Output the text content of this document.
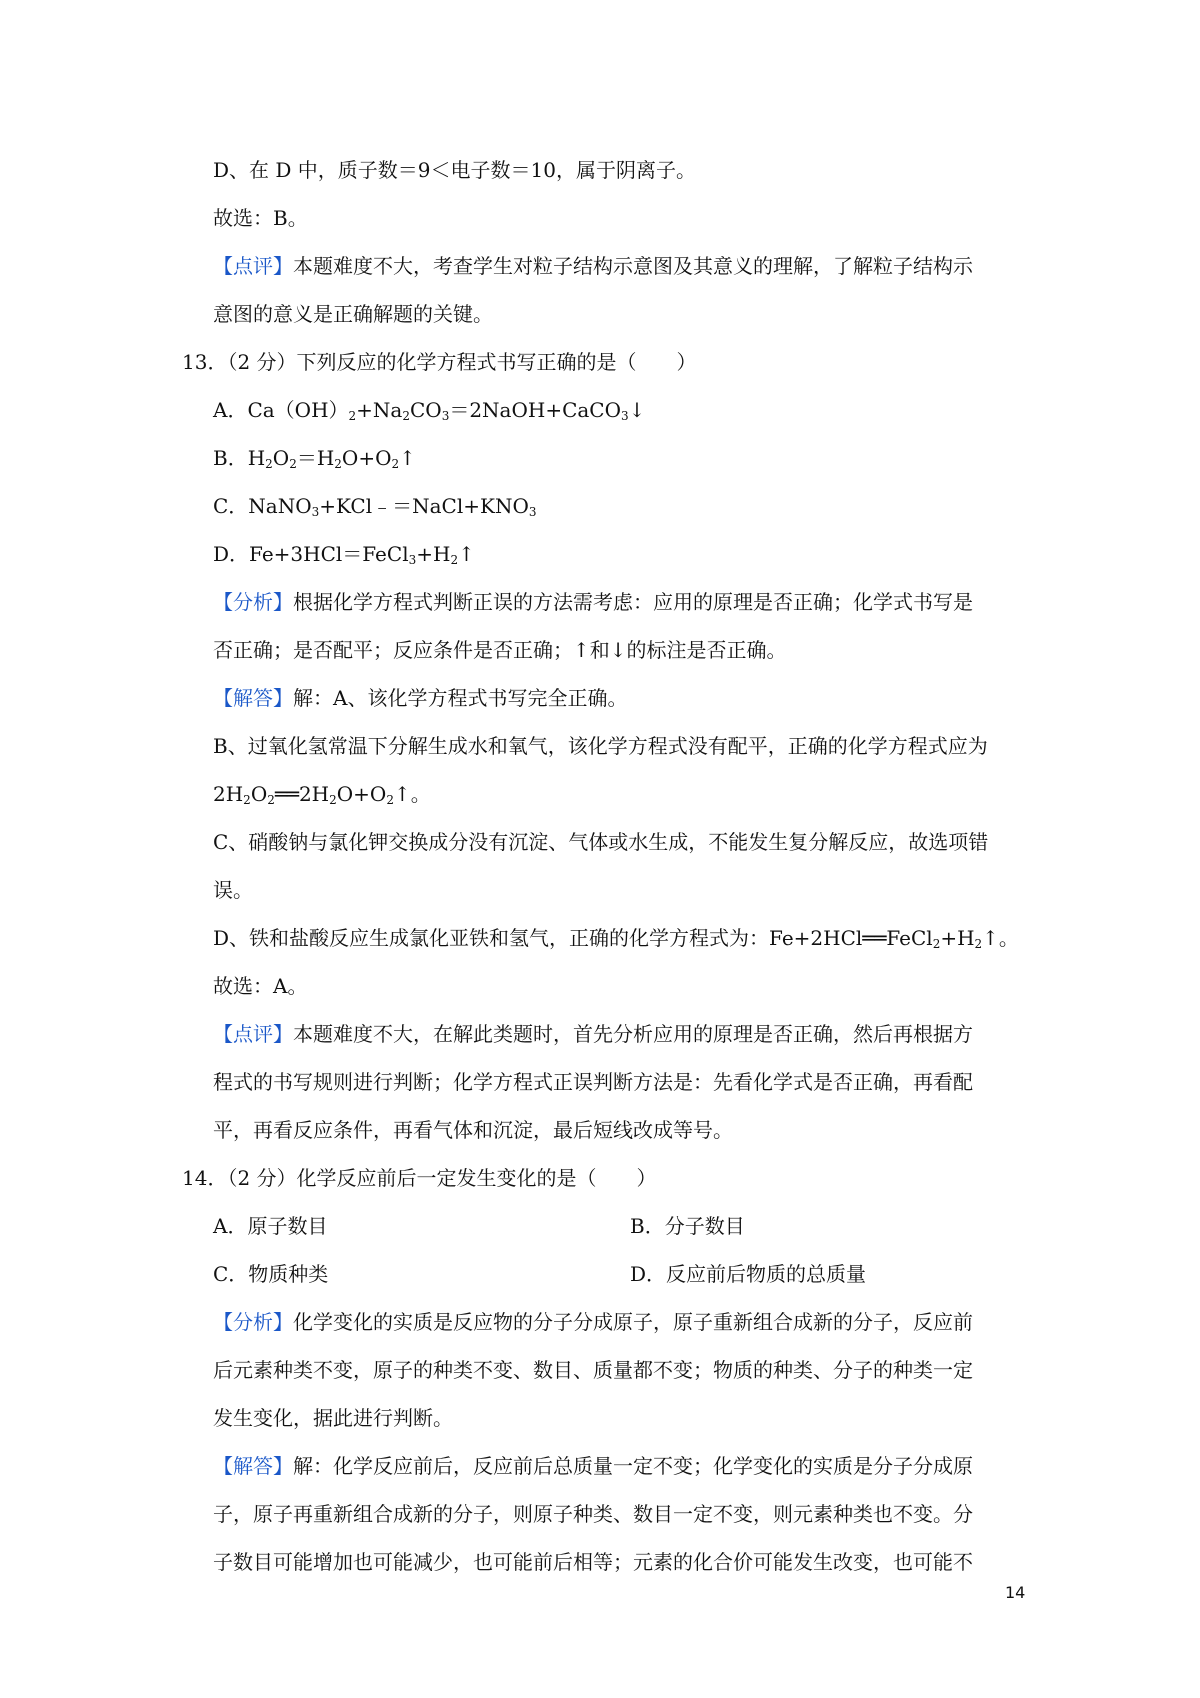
D、在 D 中，质子数＝9＜电子数＝10，属于阴离子。
故选：B。
【点评】本题难度不大，考查学生对粒子结构示意图及其意义的理解，了解粒子结构示
意图的意义是正确解题的关键。
13．（2 分）下列反应的化学方程式书写正确的是（　　）
A．$Ca(OH)_2+Na_2CO_3=2NaOH+CaCO_3↓$
B．$H_2O_2=H_2O+O_2↑$
C．$NaNO_3+KCl﹣=NaCl+KNO_3$
D．$Fe+3HCl=FeCl_3+H_2↑$
【分析】根据化学方程式判断正误的方法需考虑：应用的原理是否正确；化学式书写是
否正确；是否配平；反应条件是否正确；↑和↓的标注是否正确。
【解答】解：A、该化学方程式书写完全正确。
B、过氧化氢常温下分解生成水和氧气，该化学方程式没有配平，正确的化学方程式应为
$2H_2O_2══2H_2O+O_2↑$。
C、硝酸钠与氯化钾交换成分没有沉淀、气体或水生成，不能发生复分解反应，故选项错
误。
D、铁和盐酸反应生成氯化亚铁和氢气，正确的化学方程式为：$Fe+2HCl══FeCl_2+H_2↑$。
故选：A。
【点评】本题难度不大，在解此类题时，首先分析应用的原理是否正确，然后再根据方
程式的书写规则进行判断；化学方程式正误判断方法是：先看化学式是否正确，再看配
平，再看反应条件，再看气体和沉淀，最后短线改成等号。
14．（2 分）化学反应前后一定发生变化的是（　　）
A．原子数目	B．分子数目
C．物质种类	D．反应前后物质的总质量
【分析】化学变化的实质是反应物的分子分成原子，原子重新组合成新的分子，反应前
后元素种类不变，原子的种类不变、数目、质量都不变；物质的种类、分子的种类一定
发生变化，据此进行判断。
【解答】解：化学反应前后，反应前后总质量一定不变；化学变化的实质是分子分成原
子，原子再重新组合成新的分子，则原子种类、数目一定不变，则元素种类也不变。分
子数目可能增加也可能减少，也可能前后相等；元素的化合价可能发生改变，也可能不
14
